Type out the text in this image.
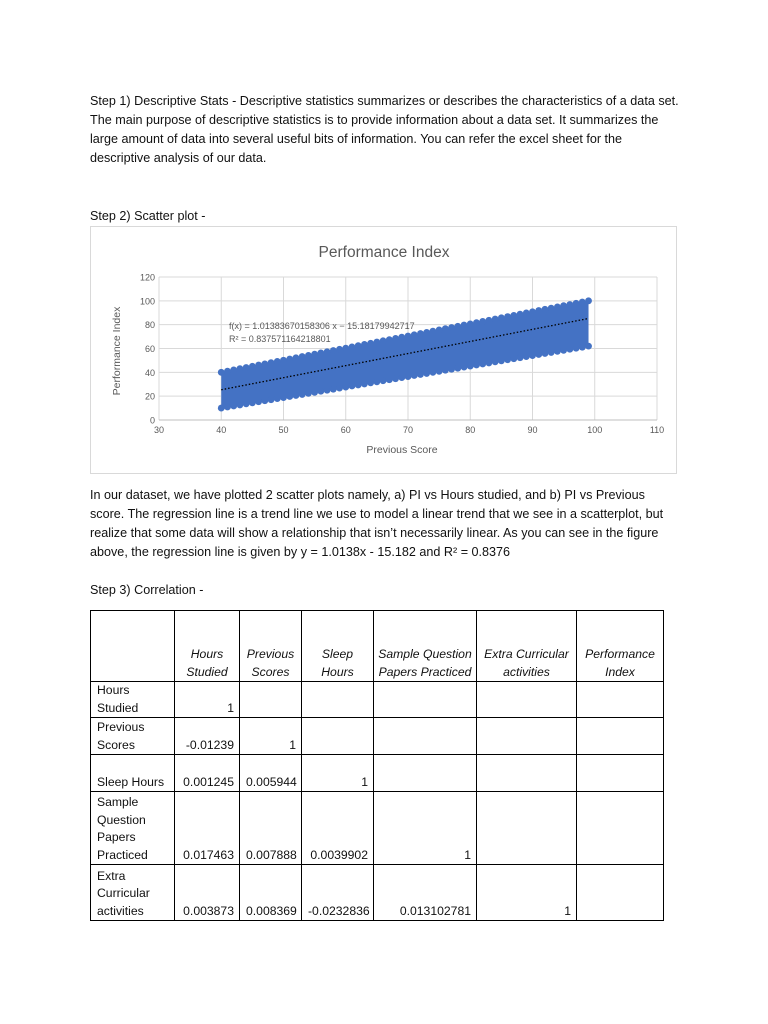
Step 1) Descriptive Stats - Descriptive statistics summarizes or describes the characteristics of a data set. The main purpose of descriptive statistics is to provide information about a data set. It summarizes the large amount of data into several useful bits of information. You can refer the excel sheet for the descriptive analysis of our data.

Step 2) Scatter plot -

Performance Index
0
20
40
60
80
100
120
30	40	50	60	70	80	90	100	110
f(x) = 1.01383670158306 x − 15.18179942717
R² = 0.837571164218801
Previous Score
Performance Index

In our dataset, we have plotted 2 scatter plots namely, a) PI vs Hours studied, and b) PI vs Previous score. The regression line is a trend line we use to model a linear trend that we see in a scatterplot, but realize that some data will show a relationship that isn’t necessarily linear. As you can see in the figure above, the regression line is given by y = 1.0138x - 15.182 and R² = 0.8376

Step 3) Correlation -

	Hours Studied	Previous Scores	Sleep Hours	Sample Question Papers Practiced	Extra Curricular activities	Performance Index
Hours Studied	1					
Previous Scores	-0.01239	1				
Sleep Hours	0.001245	0.005944	1			
Sample Question Papers Practiced	0.017463	0.007888	0.0039902	1		
Extra Curricular activities	0.003873	0.008369	-0.0232836	0.013102781	1	
